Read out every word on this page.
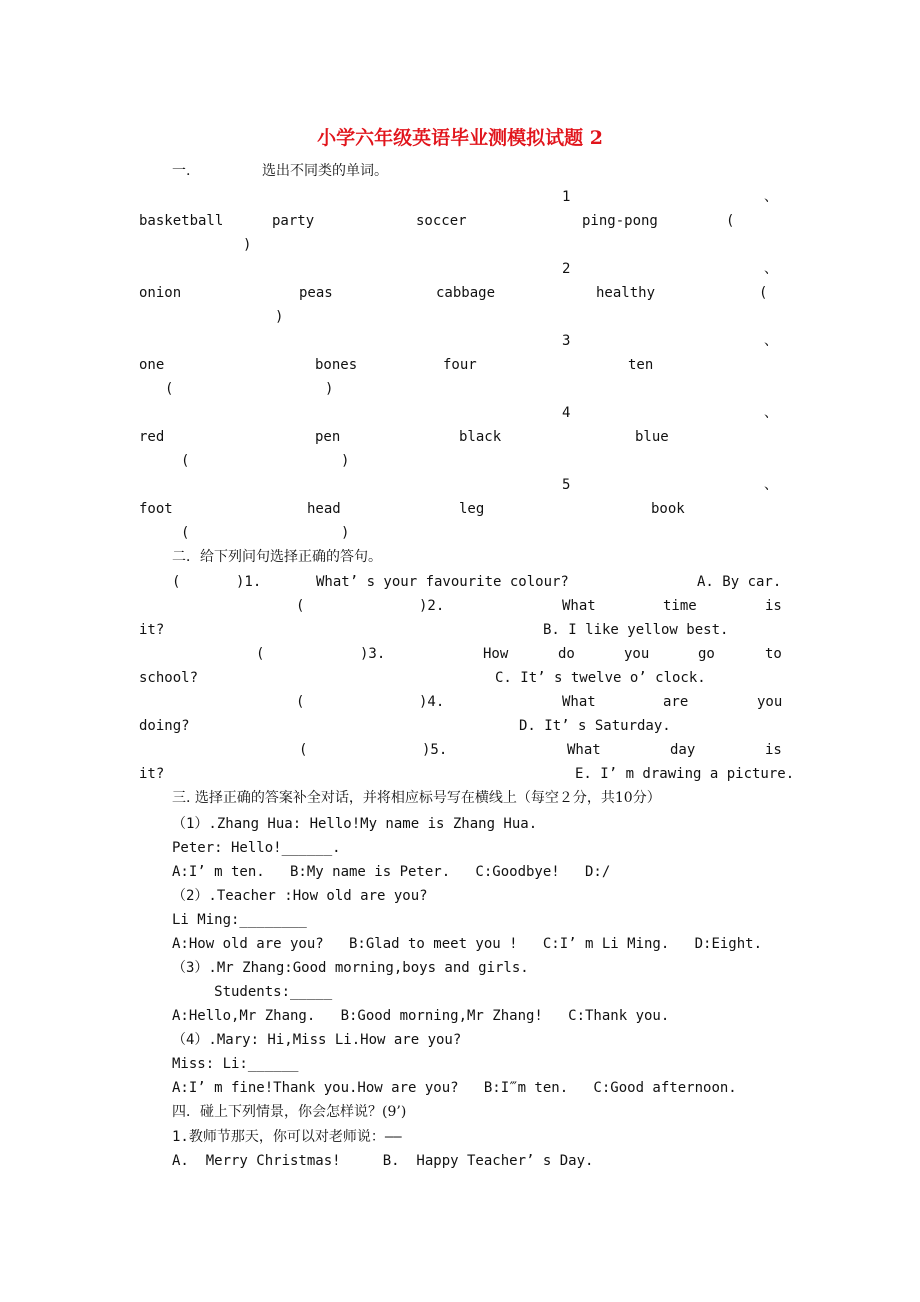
小学六年级英语毕业测模拟试题 2
一.	选出不同类的单词。
1	、
basketball	party	soccer	ping-pong	(
)
2	、
onion	peas	cabbage	healthy	(
)
3	、
one	bones	four	ten
(	)
4	、
red	pen	black	blue
(	)
5	、
foot	head	leg	book
(	)
二．给下列问句选择正确的答句。
(	)1.	What’ s your favourite colour?	A. By car.
(	)2.	What	time	is
it?	B. I like yellow best.
(	)3.	How	do	you	go	to
school?	C. It’ s twelve o’ clock.
(	)4.	What	are	you
doing?	D. It’ s Saturday.
(	)5.	What	day	is
it?	E. I’ m drawing a picture.
三. 选择正确的答案补全对话，并将相应标号写在横线上（每空２分，共10分）
（1）.Zhang Hua: Hello!My name is Zhang Hua.
Peter: Hello!______.
A:I’ m ten.   B:My name is Peter.   C:Goodbye!   D:/
（2）.Teacher :How old are you?
Li Ming:________
A:How old are you?   B:Glad to meet you !   C:I’ m Li Ming.   D:Eight.
（3）.Mr Zhang:Good morning,boys and girls.
Students:_____
A:Hello,Mr Zhang.   B:Good morning,Mr Zhang!   C:Thank you.
（4）.Mary: Hi,Miss Li.How are you?
Miss: Li:______
A:I’ m fine!Thank you.How are you?   B:I‴m ten.   C:Good afternoon.
四．碰上下列情景，你会怎样说？(9’)
1.教师节那天，你可以对老师说：——
A.  Merry Christmas!     B.  Happy Teacher’ s Day.
